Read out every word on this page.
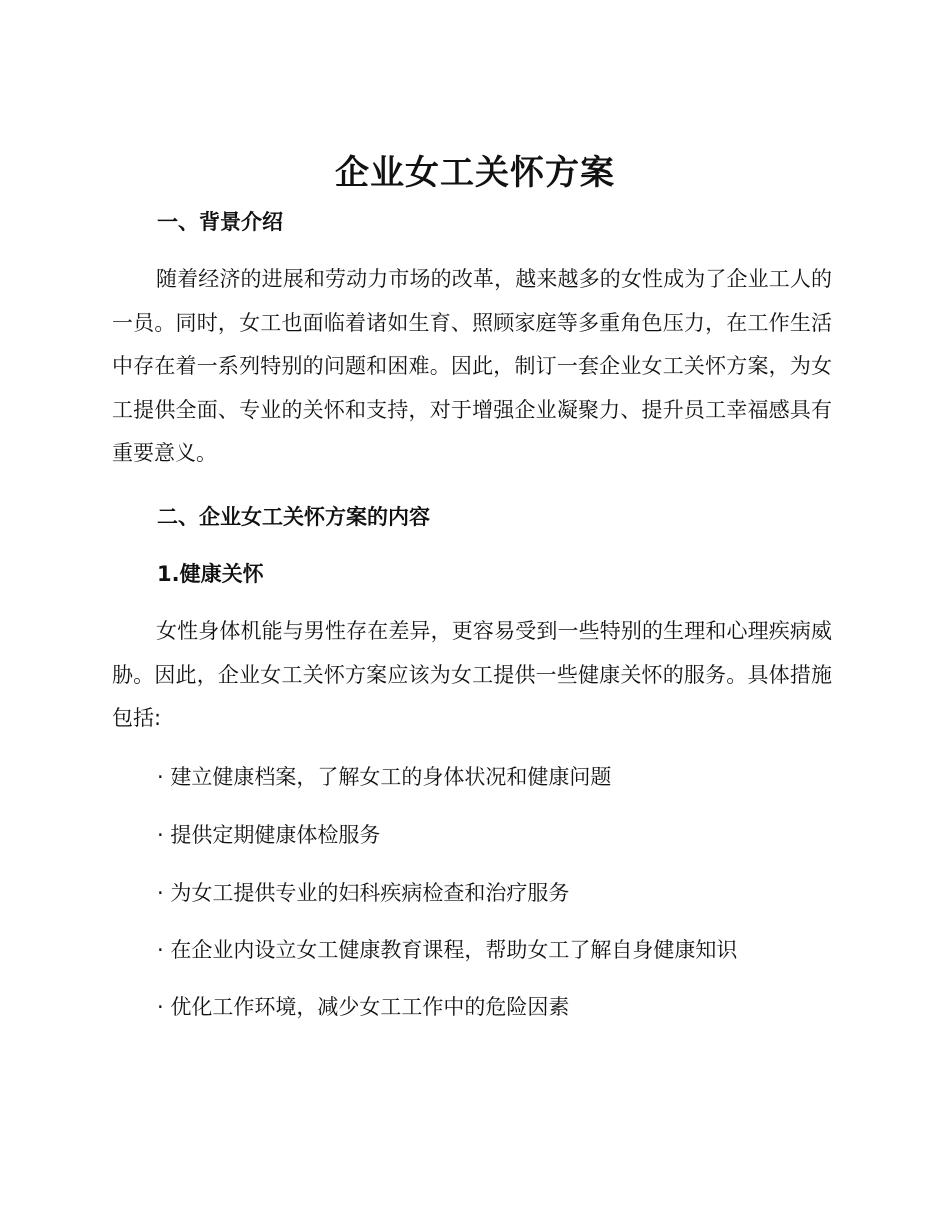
企业女工关怀方案
一、背景介绍

随着经济的进展和劳动力市场的改革，越来越多的女性成为了企业工人的一员。同时，女工也面临着诸如生育、照顾家庭等多重角色压力，在工作生活中存在着一系列特别的问题和困难。因此，制订一套企业女工关怀方案，为女工提供全面、专业的关怀和支持，对于增强企业凝聚力、提升员工幸福感具有重要意义。

二、企业女工关怀方案的内容
1.健康关怀

女性身体机能与男性存在差异，更容易受到一些特别的生理和心理疾病威胁。因此，企业女工关怀方案应该为女工提供一些健康关怀的服务。具体措施包括:

· 建立健康档案，了解女工的身体状况和健康问题
· 提供定期健康体检服务
· 为女工提供专业的妇科疾病检查和治疗服务
· 在企业内设立女工健康教育课程，帮助女工了解自身健康知识
· 优化工作环境，减少女工工作中的危险因素
